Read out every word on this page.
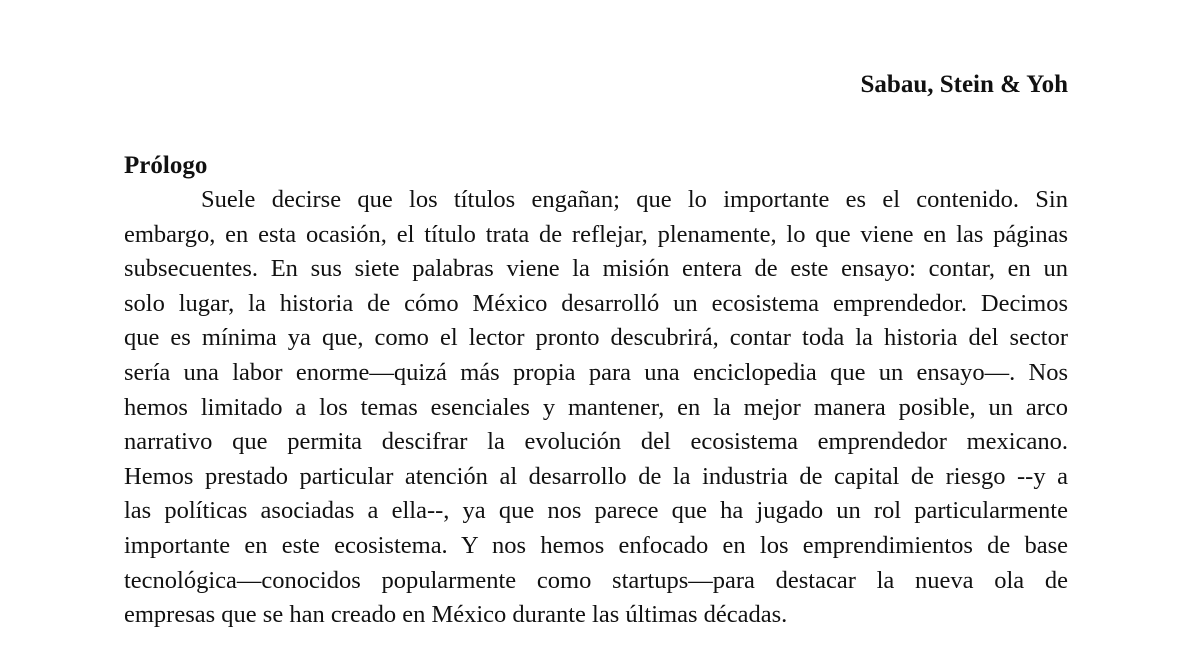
Sabau, Stein & Yoh
Prólogo
Suele decirse que los títulos engañan; que lo importante es el contenido. Sin
embargo, en esta ocasión, el título trata de reflejar, plenamente, lo que viene en las páginas
subsecuentes. En sus siete palabras viene la misión entera de este ensayo: contar, en un
solo lugar, la historia de cómo México desarrolló un ecosistema emprendedor. Decimos
que es mínima ya que, como el lector pronto descubrirá, contar toda la historia del sector
sería una labor enorme—quizá más propia para una enciclopedia que un ensayo—. Nos
hemos limitado a los temas esenciales y mantener, en la mejor manera posible, un arco
narrativo que permita descifrar la evolución del ecosistema emprendedor mexicano.
Hemos prestado particular atención al desarrollo de la industria de capital de riesgo --y a
las políticas asociadas a ella--, ya que nos parece que ha jugado un rol particularmente
importante en este ecosistema. Y nos hemos enfocado en los emprendimientos de base
tecnológica—conocidos popularmente como startups—para destacar la nueva ola de
empresas que se han creado en México durante las últimas décadas.
